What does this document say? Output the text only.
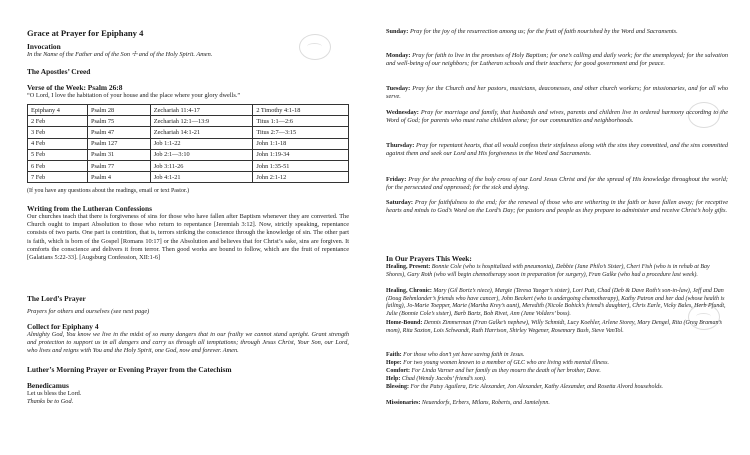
Grace at Prayer for Epiphany 4

Invocation

In the Name of the Father and of the Son ☩ and of the Holy Spirit. Amen.

The Apostles’ Creed

Verse of the Week: Psalm 26:8

“O Lord, I love the habitation of your house and the place where your glory dwells.”

Epiphany 4	Psalm 28	Zechariah 11:4-17	2 Timothy 4:1-18
2 Feb	Psalm 75	Zechariah 12:1—13:9	Titus 1:1—2:6
3 Feb	Psalm 47	Zechariah 14:1-21	Titus 2:7—3:15
4 Feb	Psalm 127	Job 1:1-22	John 1:1-18
5 Feb	Psalm 31	Job 2:1—3:10	John 1:19-34
6 Feb	Psalm 77	Job 3:11-26	John 1:35-51
7 Feb	Psalm 4	Job 4:1-21	John 2:1-12

(If you have any questions about the readings, email or text Pastor.)

Writing from the Lutheran Confessions

Our churches teach that there is forgiveness of sins for those who have fallen after Baptism whenever they are converted. The Church ought to impart Absolution to those who return to repentance [Jeremiah 3:12]. Now, strictly speaking, repentance consists of two parts. One part is contrition, that is, terrors striking the conscience through the knowledge of sin. The other part is faith, which is born of the Gospel [Romans 10:17] or the Absolution and believes that for Christ’s sake, sins are forgiven. It comforts the conscience and delivers it from terror. Then good works are bound to follow, which are the fruit of repentance [Galatians 5:22-33]. [Augsburg Confession, XII:1-6]

The Lord’s Prayer

Prayers for others and ourselves (see next page)

Collect for Epiphany 4

Almighty God, You know we live in the midst of so many dangers that in our frailty we cannot stand upright. Grant strength and protection to support us in all dangers and carry us through all temptations; through Jesus Christ, Your Son, our Lord, who lives and reigns with You and the Holy Spirit, one God, now and forever. Amen.

Luther’s Morning Prayer or Evening Prayer from the Catechism

Benedicamus

Let us bless the Lord.

Thanks be to God.

Sunday: Pray for the joy of the resurrection among us; for the fruit of faith nourished by the Word and Sacraments.

Monday: Pray for faith to live in the promises of Holy Baptism; for one’s calling and daily work; for the unemployed; for the salvation and well-being of our neighbors; for Lutheran schools and their teachers; for good government and for peace.

Tuesday: Pray for the Church and her pastors, musicians, deaconesses, and other church workers; for missionaries, and for all who serve.

Wednesday: Pray for marriage and family, that husbands and wives, parents and children live in ordered harmony according to the Word of God; for parents who must raise children alone; for our communities and neighborhoods.

Thursday: Pray for repentant hearts, that all would confess their sinfulness along with the sins they committed, and the sins committed against them and seek our Lord and His forgiveness in the Word and Sacraments.

Friday: Pray for the preaching of the holy cross of our Lord Jesus Christ and for the spread of His knowledge throughout the world; for the persecuted and oppressed; for the sick and dying.

Saturday: Pray for faithfulness to the end; for the renewal of those who are withering in the faith or have fallen away; for receptive hearts and minds to God’s Word on the Lord’s Day; for pastors and people as they prepare to administer and receive Christ’s holy gifts.

In Our Prayers This Week:

Healing, Present: Bonnie Cole (who is hospitalized with pneumonia), Debbie (Jane Philo’s Sister), Cheri Fish (who is in rehab at Bay Shores), Gary Roth (who will begin chemotherapy soon in preparation for surgery), Fran Galke (who had a procedure last week).

Healing, Chronic: Mary (Gil Bortz’s niece), Margie (Teresa Yaeger’s sister), Lori Putt, Chad (Deb & Dave Roth’s son-in-law), Jeff and Dan (Doug Behmlander’s friends who have cancer), John Beckert (who is undergoing chemotherapy), Kathy Patron and her dad (whose health is failing), Jo-Marie Toepper, Marie (Martha Krey’s aunt), Meredith (Nicole Bobick’s friend’s daughter), Chris Earle, Vicky Bales, Herb Pfundt, Julie (Bonnie Cole’s sister), Barb Bartz, Bob Rivet, Ann (Jane Volders’ boss).

Home-Bound: Dennis Zimmerman (Fran Galke’s nephew), Willy Schmidt, Lucy Koehler, Arlene Storey, Mary Dengel, Rita (Greg Braman’s mom), Rita Saxton, Lois Schwandt, Ruth Harrison, Shirley Wegener, Rosemary Bush, Steve VanTol.

Faith: For those who don’t yet have saving faith in Jesus.

Hope: For two young women known to a member of GLC who are living with mental illness.

Comfort: For Linda Varner and her family as they mourn the death of her brother, Dave.

Help: Chad (Wendy Jacobs’ friend’s son).

Blessing: For the Patsy Aguilera, Eric Alexander, Jon Alexander, Kathy Alexander, and Rosetta Alvord households.

Missionaries: Neuendorfs, Erbers, Milans, Roberts, and Jamielynn.
